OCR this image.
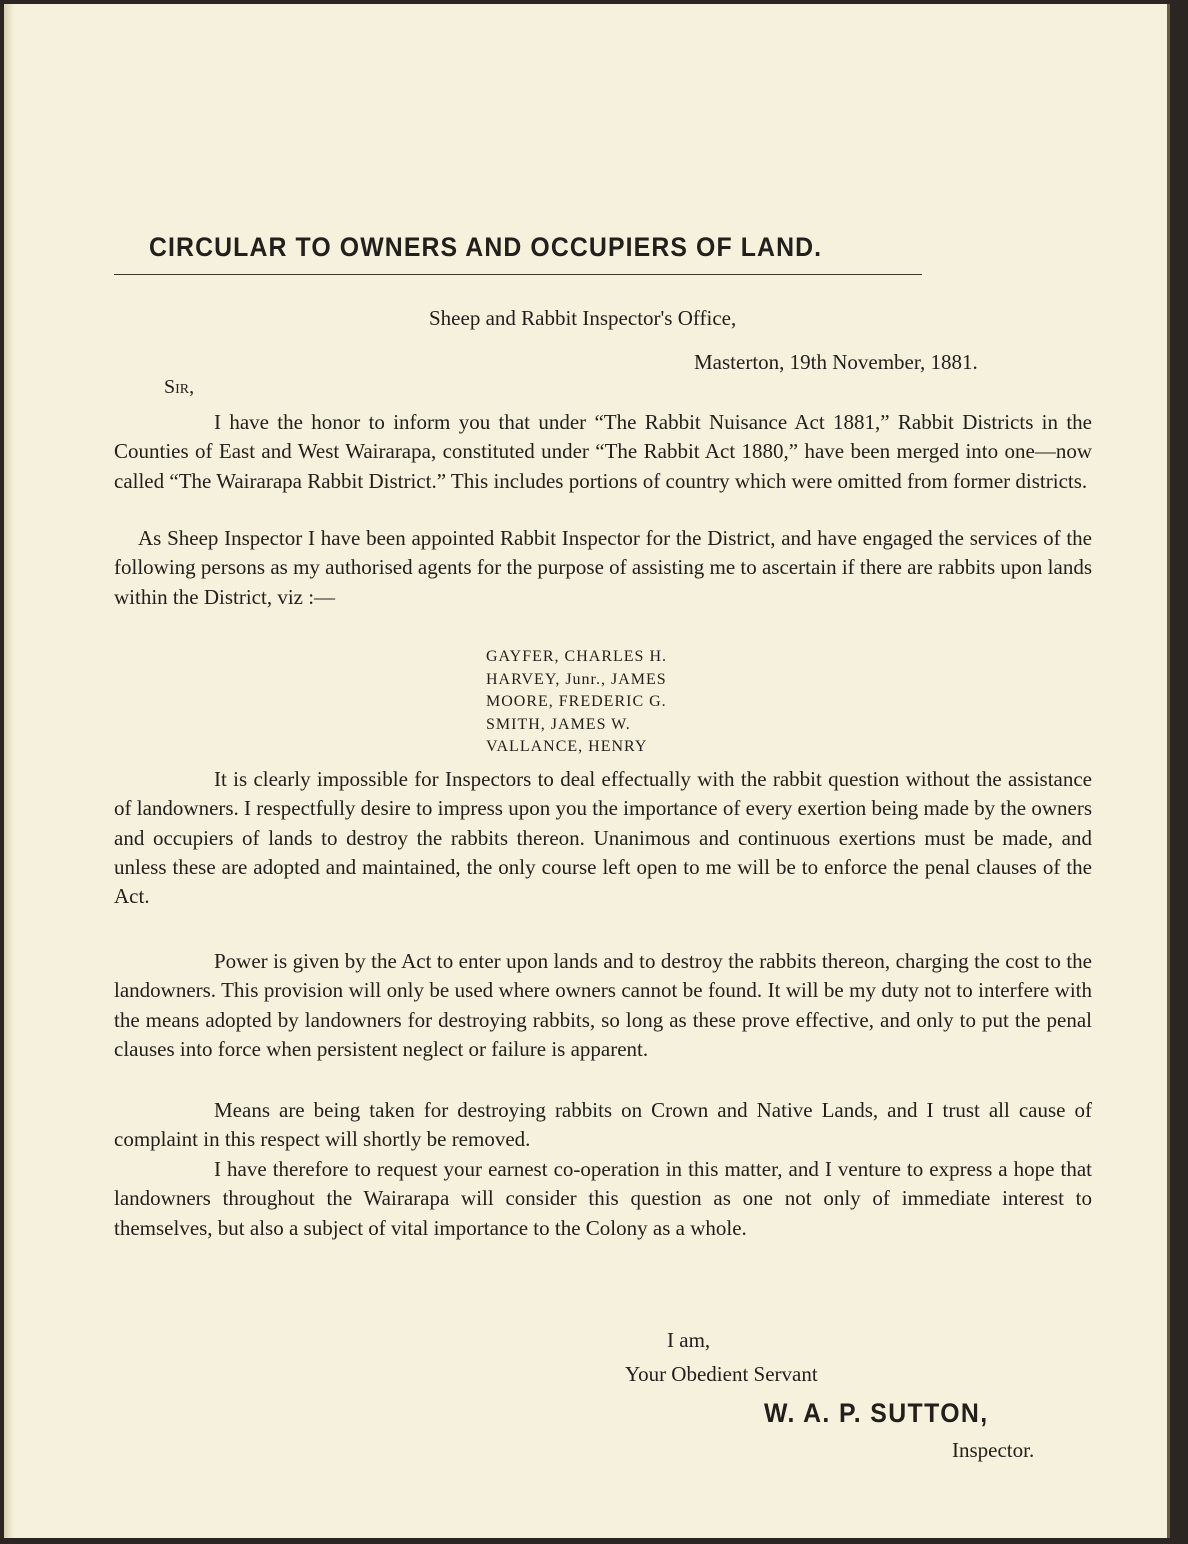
CIRCULAR TO OWNERS AND OCCUPIERS OF LAND.
Sheep and Rabbit Inspector's Office,
Masterton, 19th November, 1881.
Sir,

I have the honor to inform you that under “The Rabbit Nuisance Act 1881,” Rabbit Districts in the Counties of East and West Wairarapa, constituted under “The Rabbit Act 1880,” have been merged into one—now called “The Wairarapa Rabbit District.” This includes portions of country which were omitted from former districts.

As Sheep Inspector I have been appointed Rabbit Inspector for the District, and have engaged the services of the following persons as my authorised agents for the purpose of assisting me to ascertain if there are rabbits upon lands within the District, viz :—

GAYFER, CHARLES H.
HARVEY, Junr., JAMES
MOORE, FREDERIC G.
SMITH, JAMES W.
VALLANCE, HENRY

It is clearly impossible for Inspectors to deal effectually with the rabbit question without the assistance of landowners. I respectfully desire to impress upon you the importance of every exertion being made by the owners and occupiers of lands to destroy the rabbits thereon. Unanimous and continuous exertions must be made, and unless these are adopted and maintained, the only course left open to me will be to enforce the penal clauses of the Act.

Power is given by the Act to enter upon lands and to destroy the rabbits thereon, charging the cost to the landowners. This provision will only be used where owners cannot be found. It will be my duty not to interfere with the means adopted by landowners for destroying rabbits, so long as these prove effective, and only to put the penal clauses into force when persistent neglect or failure is apparent.

Means are being taken for destroying rabbits on Crown and Native Lands, and I trust all cause of complaint in this respect will shortly be removed.

I have therefore to request your earnest co-operation in this matter, and I venture to express a hope that landowners throughout the Wairarapa will consider this question as one not only of immediate interest to themselves, but also a subject of vital importance to the Colony as a whole.

I am,
Your Obedient Servant
W. A. P. SUTTON,
Inspector.
